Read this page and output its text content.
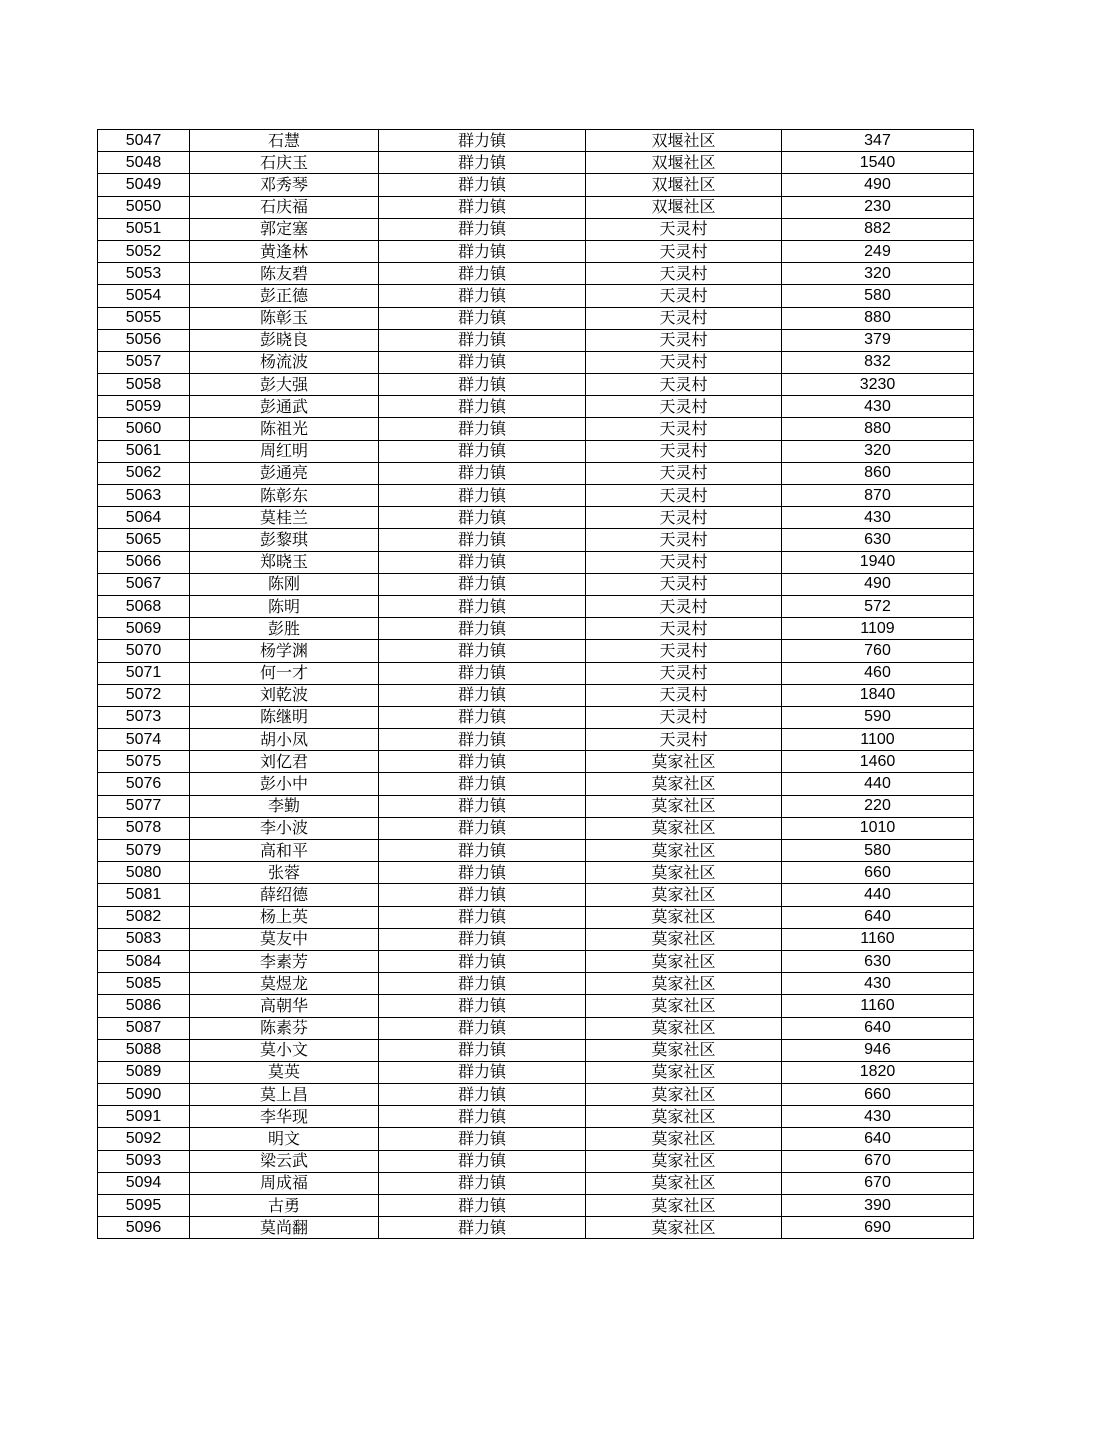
5047	石慧	群力镇	双堰社区	347
5048	石庆玉	群力镇	双堰社区	1540
5049	邓秀琴	群力镇	双堰社区	490
5050	石庆福	群力镇	双堰社区	230
5051	郭定塞	群力镇	天灵村	882
5052	黄逢林	群力镇	天灵村	249
5053	陈友碧	群力镇	天灵村	320
5054	彭正德	群力镇	天灵村	580
5055	陈彰玉	群力镇	天灵村	880
5056	彭晓良	群力镇	天灵村	379
5057	杨流波	群力镇	天灵村	832
5058	彭大强	群力镇	天灵村	3230
5059	彭通武	群力镇	天灵村	430
5060	陈祖光	群力镇	天灵村	880
5061	周红明	群力镇	天灵村	320
5062	彭通亮	群力镇	天灵村	860
5063	陈彰东	群力镇	天灵村	870
5064	莫桂兰	群力镇	天灵村	430
5065	彭黎琪	群力镇	天灵村	630
5066	郑晓玉	群力镇	天灵村	1940
5067	陈刚	群力镇	天灵村	490
5068	陈明	群力镇	天灵村	572
5069	彭胜	群力镇	天灵村	1109
5070	杨学渊	群力镇	天灵村	760
5071	何一才	群力镇	天灵村	460
5072	刘乾波	群力镇	天灵村	1840
5073	陈继明	群力镇	天灵村	590
5074	胡小凤	群力镇	天灵村	1100
5075	刘亿君	群力镇	莫家社区	1460
5076	彭小中	群力镇	莫家社区	440
5077	李勤	群力镇	莫家社区	220
5078	李小波	群力镇	莫家社区	1010
5079	高和平	群力镇	莫家社区	580
5080	张蓉	群力镇	莫家社区	660
5081	薛绍德	群力镇	莫家社区	440
5082	杨上英	群力镇	莫家社区	640
5083	莫友中	群力镇	莫家社区	1160
5084	李素芳	群力镇	莫家社区	630
5085	莫煜龙	群力镇	莫家社区	430
5086	高朝华	群力镇	莫家社区	1160
5087	陈素芬	群力镇	莫家社区	640
5088	莫小文	群力镇	莫家社区	946
5089	莫英	群力镇	莫家社区	1820
5090	莫上昌	群力镇	莫家社区	660
5091	李华现	群力镇	莫家社区	430
5092	明文	群力镇	莫家社区	640
5093	梁云武	群力镇	莫家社区	670
5094	周成福	群力镇	莫家社区	670
5095	古勇	群力镇	莫家社区	390
5096	莫尚翻	群力镇	莫家社区	690
